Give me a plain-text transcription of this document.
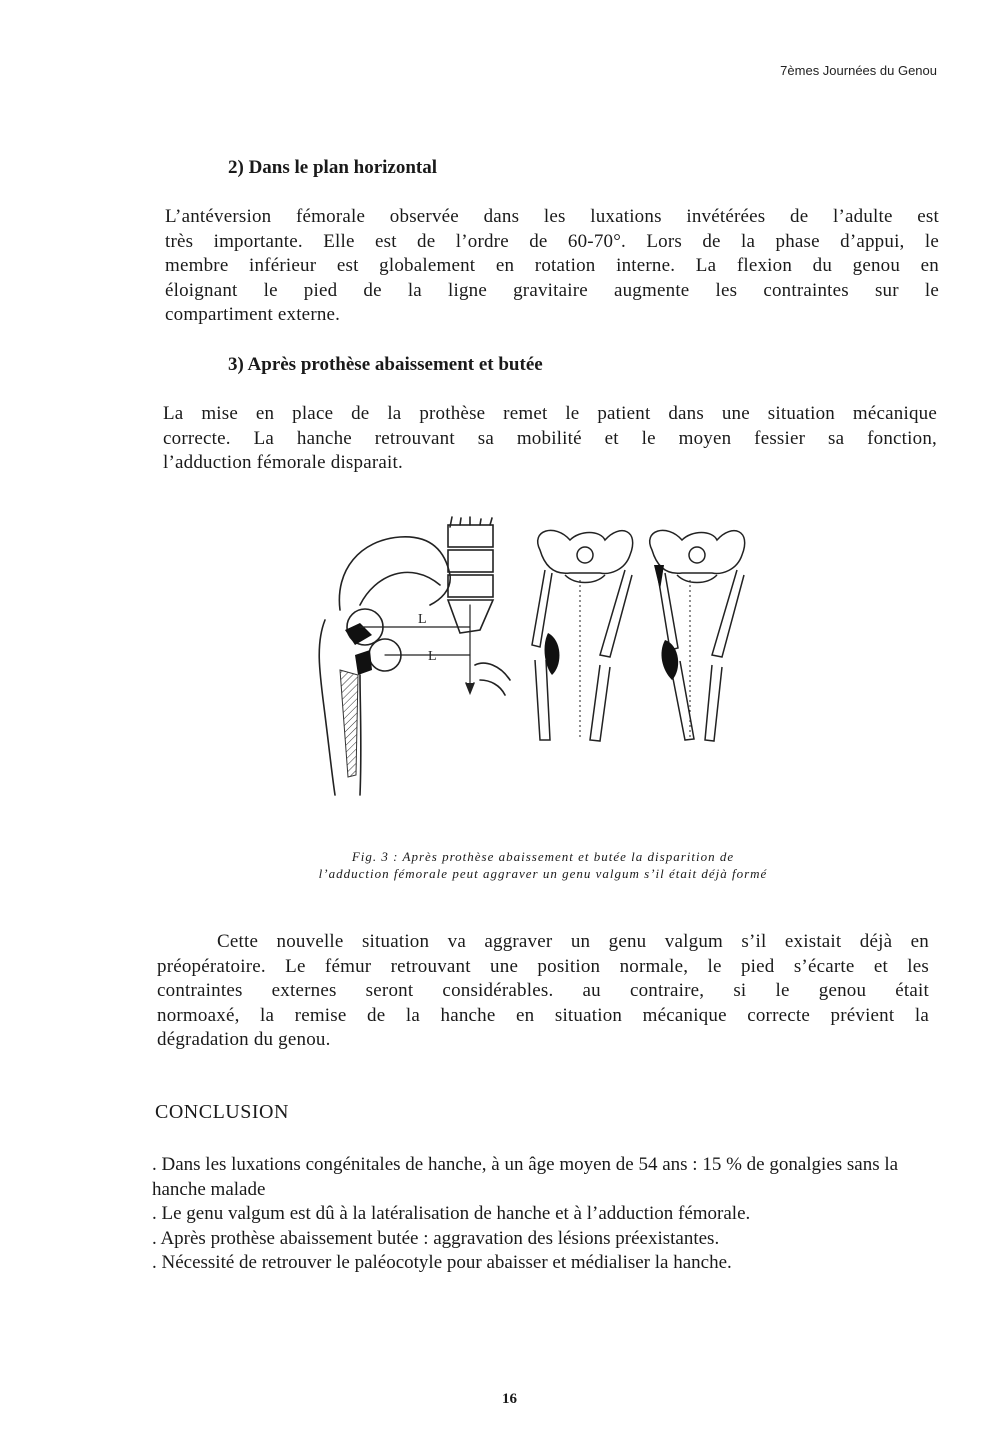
7èmes Journées du Genou
2) Dans le plan horizontal

L’antéversion fémorale observée dans les luxations invétérées de l’adulte est
très importante. Elle est de l’ordre de 60-70°. Lors de la phase d’appui, le
membre inférieur est globalement en rotation interne. La flexion du genou en
éloignant le pied de la ligne gravitaire augmente les contraintes sur le
compartiment externe.

3) Après prothèse abaissement et butée

La mise en place de la prothèse remet le patient dans une situation mécanique
correcte. La hanche retrouvant sa mobilité et le moyen fessier sa fonction,
l’adduction fémorale disparait.

L
L
Fig. 3 : Après prothèse abaissement et butée la disparition de
l’adduction fémorale peut aggraver un genu valgum s’il était déjà formé

Cette nouvelle situation va aggraver un genu valgum s’il existait déjà en
préopératoire. Le fémur retrouvant une position normale, le pied s’écarte et les
contraintes externes seront considérables. au contraire, si le genou était
normoaxé, la remise de la hanche en situation mécanique correcte prévient la
dégradation du genou.

CONCLUSION
. Dans les luxations congénitales de hanche, à un âge moyen de 54 ans : 15 % de gonalgies sans la hanche malade
. Le genu valgum est dû à la latéralisation de hanche et à l’adduction fémorale.
. Après prothèse abaissement butée : aggravation des lésions préexistantes.
. Nécessité de retrouver le paléocotyle pour abaisser et médialiser la hanche.
16
